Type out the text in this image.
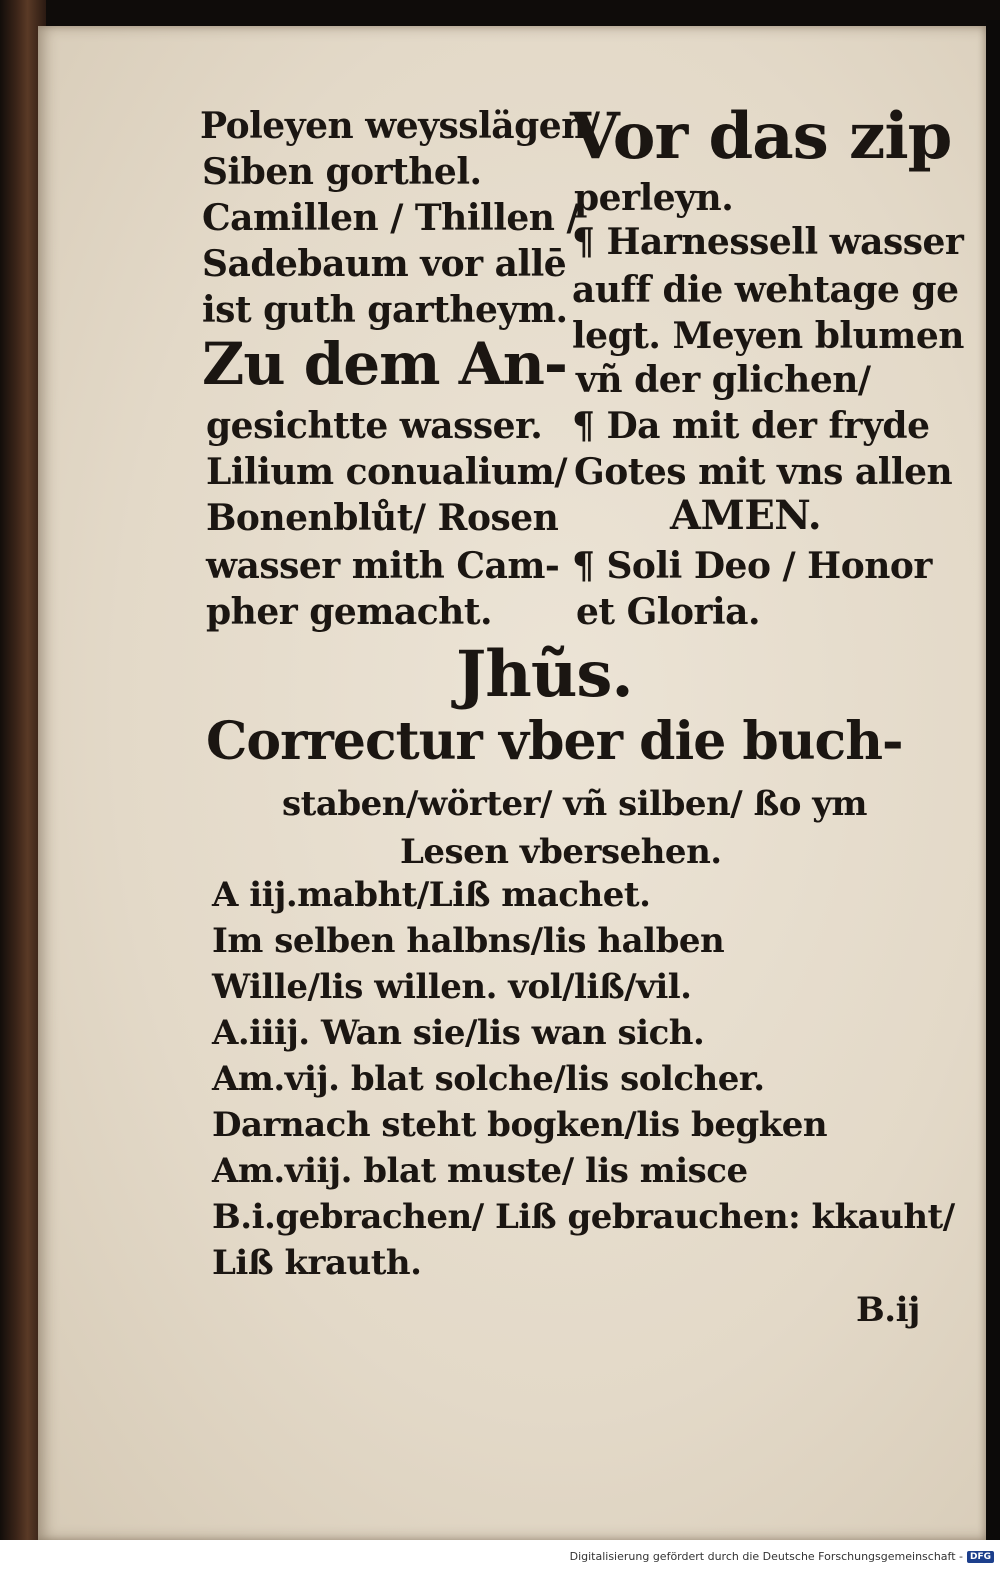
Poleyen weysslägen/
Siben gorthel.
Camillen / Thillen /
Sadebaum vor allē
ist guth gartheym.
Zu dem An-
gesichtte wasser.
Lilium conualium/
Bonenblůt/ Rosen
wasser mith Cam-
pher gemacht.
Vor das zip
perleyn.
¶ Harnessell wasser
auff die wehtage ge
legt. Meyen blumen
vñ der glichen/
¶ Da mit der fryde
Gotes mit vns allen
AMEN.
¶ Soli Deo / Honor
et Gloria.
Jhũs.
Correctur vber die buch-
staben/wörter/ vñ silben/ ßo ym
Lesen vbersehen.
A iij.mabht/Liß machet.
Im selben halbns/lis halben
Wille/lis willen. vol/liß/vil.
A.iiij. Wan sie/lis wan sich.
Am.vij. blat solche/lis solcher.
Darnach steht bogken/lis begken
Am.viij. blat muste/ lis misce
B.i.gebrachen/ Liß gebrauchen: kkauht/
Liß krauth.
B.ij
Digitalisierung gefördert durch die Deutsche Forschungsgemeinschaft - DFG
